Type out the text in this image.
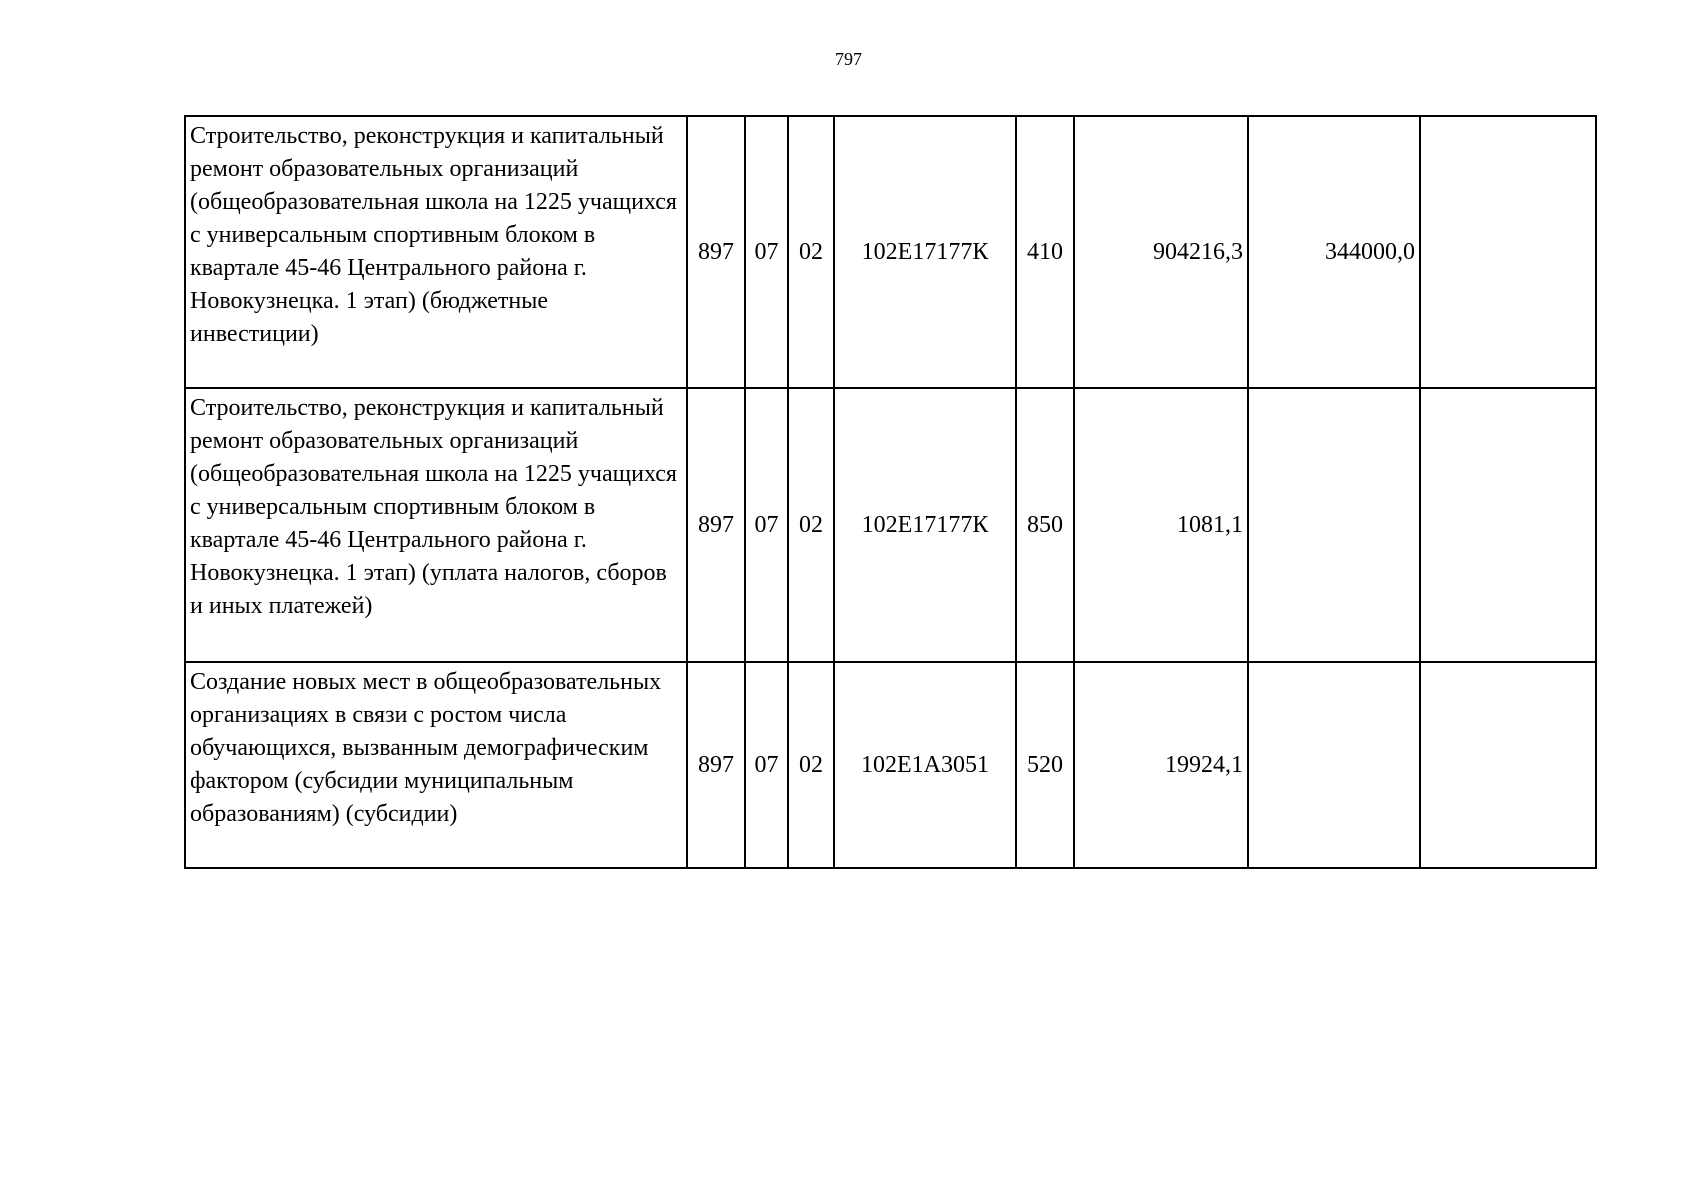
797
Строительство, реконструкция и капитальный ремонт образовательных организаций (общеобразовательная школа на 1225 учащихся с универсальным спортивным блоком в квартале 45-46 Центрального района г. Новокузнецка. 1 этап) (бюджетные инвестиции)	897	07	02	102E17177К	410	904216,3	344000,0	
Строительство, реконструкция и капитальный ремонт образовательных организаций (общеобразовательная школа на 1225 учащихся с универсальным спортивным блоком в квартале 45-46 Центрального района г. Новокузнецка. 1 этап) (уплата налогов, сборов и иных платежей)	897	07	02	102E17177К	850	1081,1		
Создание новых мест в общеобразовательных организациях в связи с ростом числа обучающихся, вызванным демографическим фактором (субсидии муниципальным образованиям) (субсидии)	897	07	02	102E1А3051	520	19924,1		
